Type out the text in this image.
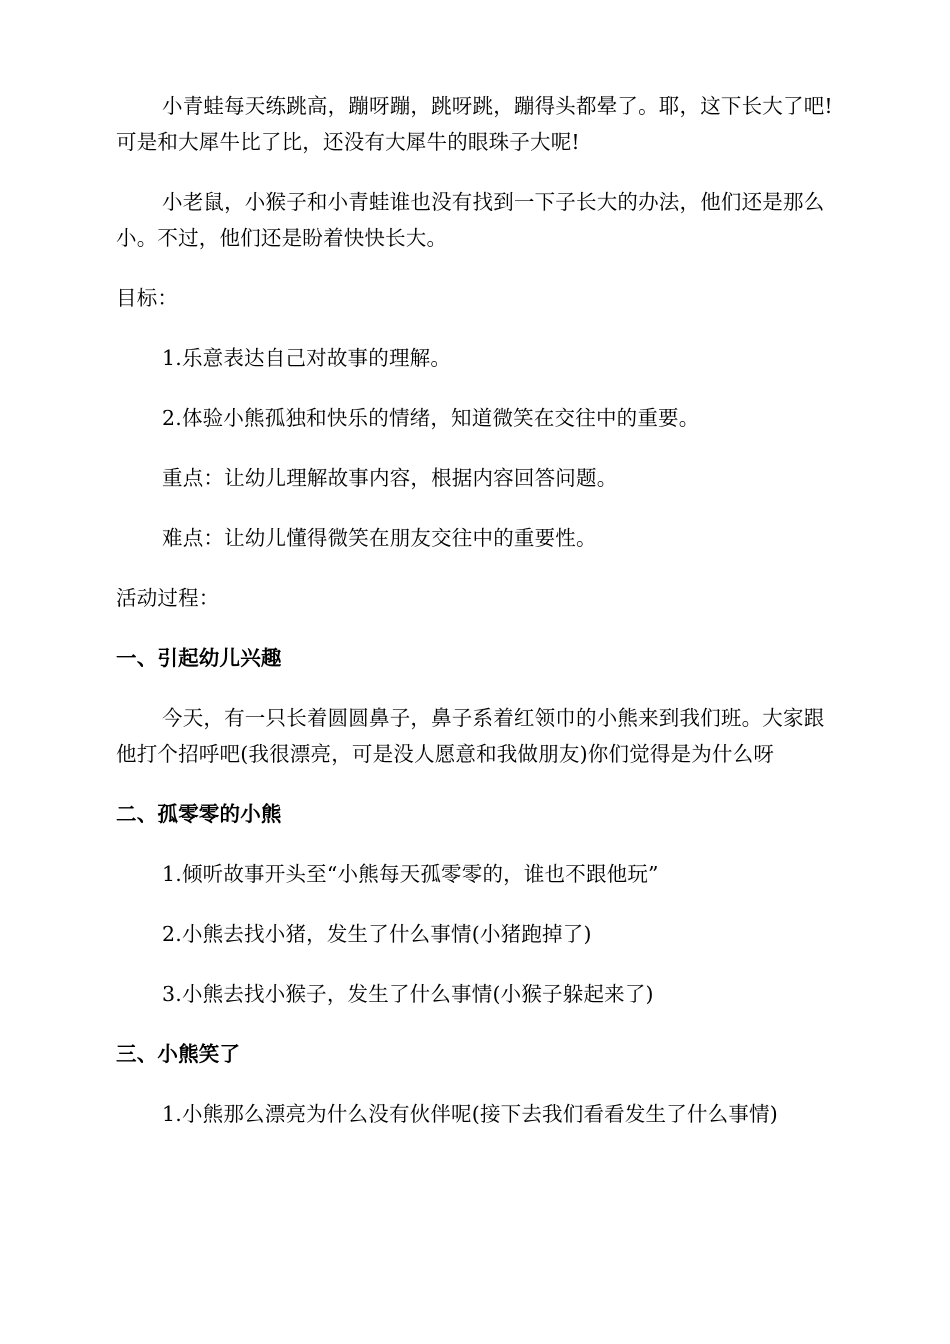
小青蛙每天练跳高，蹦呀蹦，跳呀跳，蹦得头都晕了。耶，这下长大了吧!可是和大犀牛比了比，还没有大犀牛的眼珠子大呢!

小老鼠，小猴子和小青蛙谁也没有找到一下子长大的办法，他们还是那么小。不过，他们还是盼着快快长大。

目标：

1.乐意表达自己对故事的理解。

2.体验小熊孤独和快乐的情绪，知道微笑在交往中的重要。

重点：让幼儿理解故事内容，根据内容回答问题。

难点：让幼儿懂得微笑在朋友交往中的重要性。

活动过程：

一、引起幼儿兴趣

今天，有一只长着圆圆鼻子，鼻子系着红领巾的小熊来到我们班。大家跟他打个招呼吧(我很漂亮，可是没人愿意和我做朋友)你们觉得是为什么呀

二、孤零零的小熊

1.倾听故事开头至“小熊每天孤零零的，谁也不跟他玩”

2.小熊去找小猪，发生了什么事情(小猪跑掉了)

3.小熊去找小猴子，发生了什么事情(小猴子躲起来了)

三、小熊笑了

1.小熊那么漂亮为什么没有伙伴呢(接下去我们看看发生了什么事情)
